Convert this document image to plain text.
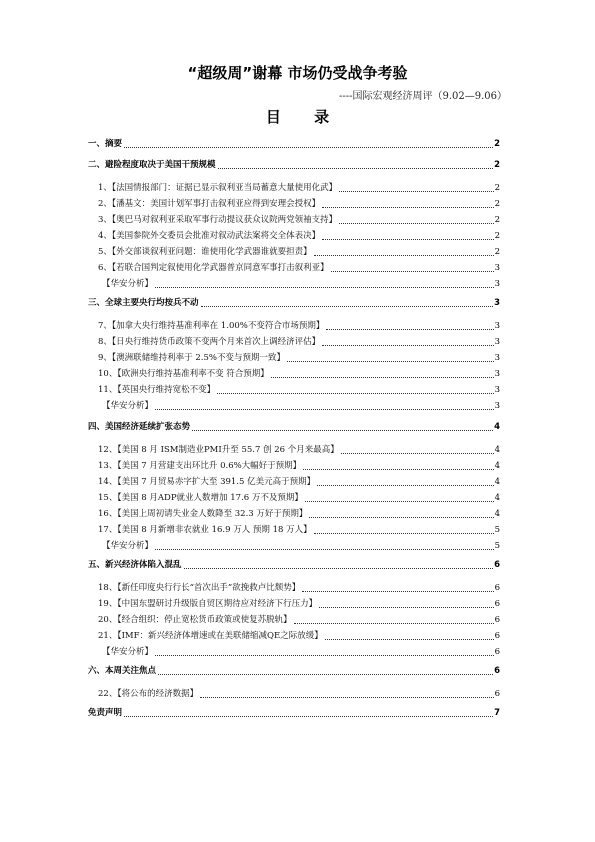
“超级周”谢幕 市场仍受战争考验
----国际宏观经济周评（9.02—9.06）
目 录
一、摘要	2
二、避险程度取决于美国干预规模	2
1、【法国情报部门：证据已显示叙利亚当局蓄意大量使用化武】	2
2、【潘基文：美国计划军事打击叙利亚应得到安理会授权】	2
3、【奥巴马对叙利亚采取军事行动提议获众议院两党领袖支持】	2
4、【美国参院外交委员会批准对叙动武法案将交全体表决】	2
5、【外交部谈叙利亚问题：谁使用化学武器谁就要担责】	2
6、【若联合国判定叙使用化学武器普京同意军事打击叙利亚】	3
【华安分析】	3
三、全球主要央行均按兵不动	3
7、【加拿大央行维持基准利率在 1.00%不变符合市场预期】	3
8、【日央行维持货币政策不变两个月来首次上调经济评估】	3
9、【澳洲联储维持利率于 2.5%不变与预期一致】	3
10、【欧洲央行维持基准利率不变 符合预期】	3
11、【英国央行维持宽松不变】	3
【华安分析】	3
四、美国经济延续扩张态势	4
12、【美国 8 月 ISM制造业PMI升至 55.7 创 26 个月来最高】	4
13、【美国 7 月营建支出环比升 0.6%大幅好于预期】	4
14、【美国 7 月贸易赤字扩大至 391.5 亿美元高于预期】	4
15、【美国 8 月ADP就业人数增加 17.6 万不及预期】	4
16、【美国上周初请失业金人数降至 32.3 万好于预期】	4
17、【美国 8 月新增非农就业 16.9 万人 预期 18 万人】	5
【华安分析】	5
五、新兴经济体陷入混乱	6
18、【新任印度央行行长“首次出手”欲挽救卢比颓势】	6
19、【中国东盟研讨升级版自贸区期待应对经济下行压力】	6
20、【经合组织：停止宽松货币政策或使复苏脱轨】	6
21、【IMF：新兴经济体增速或在美联储缩减QE之际放缓】	6
【华安分析】	6
六、本周关注焦点	6
22、【将公布的经济数据】	6
免责声明	7
